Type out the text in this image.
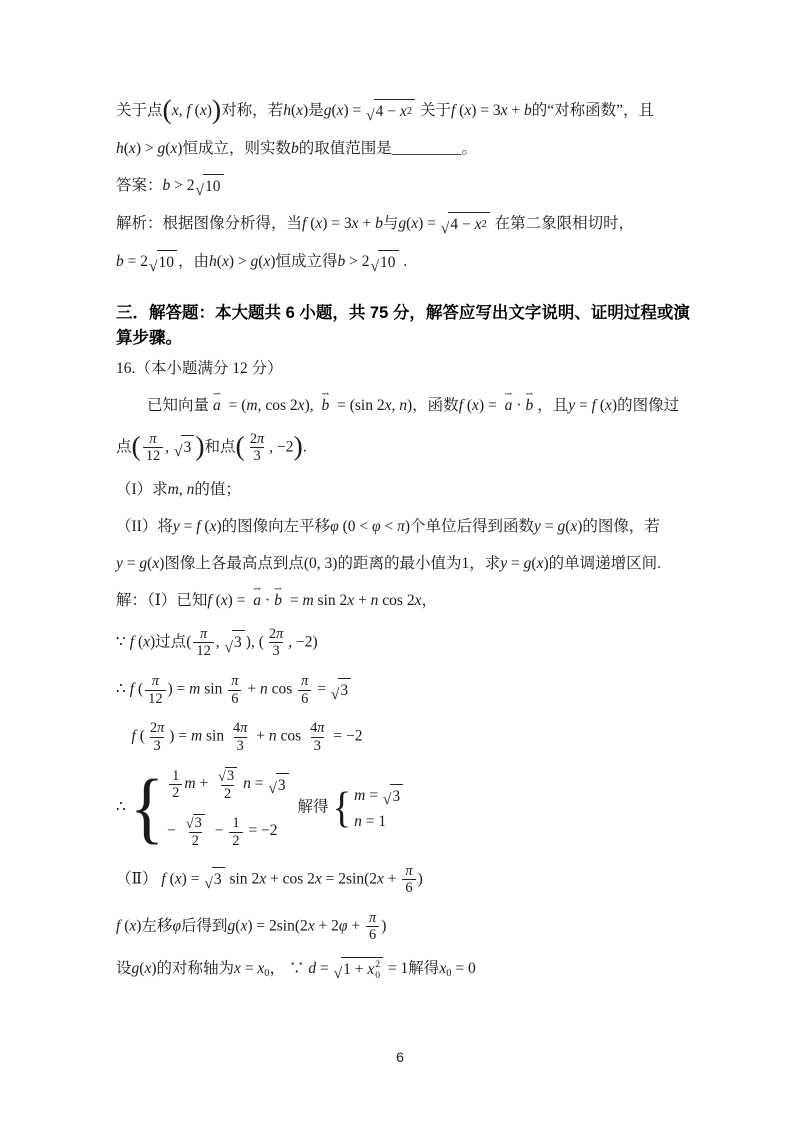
关于点(x, f (x))对称，若h(x)是g(x) = √ 4 − x 2 关于f (x) = 3x + b的“对称函数”，且

h(x) > g(x)恒成立，则实数b的取值范围是_________。

答案：b > 2 √ 10

解析：根据图像分析得，当f (x) = 3x + b与g(x) = √ 4 − x 2 在第二象限相切时，

b = 2 √ 10 ，由h(x) > g(x)恒成立得b > 2 √ 10 .

三．解答题：本大题共 6 小题，共 75 分，解答应写出文字说明、证明过程或演算步骤。

16.（本小题满分 12 分）

已知向量 ⇀ a = (m, cos 2x), ⇀ b = (sin 2x, n)，函数f (x) = ⇀ a · ⇀ b ，且y = f (x)的图像过

点( $\frac{\pi}{12}$ , √ 3 )和点( $\frac{2\pi}{3}$ , −2).

（I）求m, n的值；

（II）将y = f (x)的图像向左平移φ (0 < φ < π)个单位后得到函数y = g(x)的图像，若

y = g(x)图像上各最高点到点(0, 3)的距离的最小值为1，求y = g(x)的单调递增区间.

解：（Ⅰ）已知f (x) = ⇀ a · ⇀ b = m sin 2x + n cos 2x，

∵ f (x)过点( $\frac{\pi}{12}$ , √ 3 ), ( $\frac{2\pi}{3}$ , −2)

∴ f ( $\frac{\pi}{12}$ ) = m $\sin \frac{\pi}{6} + n$ $\cos \frac{\pi}{6}$ = √ 3

f ( $\frac{2\pi}{3}$ ) = m $\sin \frac{4\pi}{3} + n$ $\cos \frac{4\pi}{3} = -2$

∴ { $\frac{1}{2}$ $m + \frac{√ 3}{2}$ n = √ 3
− $\frac{√ 3}{2} - \frac{1}{2} = -2$
解得 { m = √ 3
n = 1

（Ⅱ） f (x) = √ 3 $\sin 2x + \cos 2x = 2\sin(2x + \frac{\pi}{6}$ )

f (x)左移φ后得到$g(x) = 2\sin(2x + 2\varphi + \frac{\pi}{6}$ )

设g(x)的对称轴为$x = x_0$， ∵ d = √ 1 + x 2
0 = 1解得$x_0 = 0$

6
